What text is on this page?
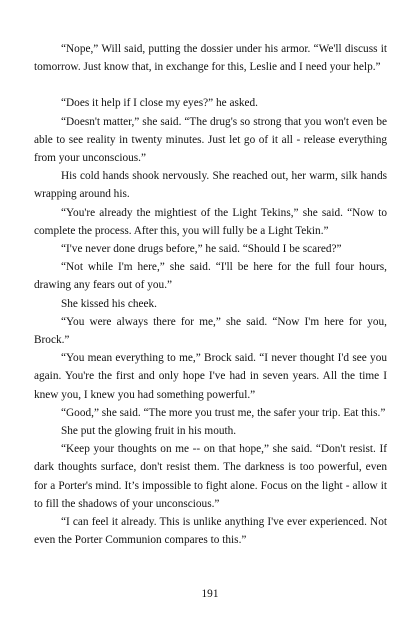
“Nope,” Will said, putting the dossier under his armor. “We'll discuss it tomorrow. Just know that, in exchange for this, Leslie and I need your help.”

“Does it help if I close my eyes?” he asked.

“Doesn't matter,” she said. “The drug's so strong that you won't even be able to see reality in twenty minutes. Just let go of it all - release everything from your unconscious.”

His cold hands shook nervously. She reached out, her warm, silk hands wrapping around his.

“You're already the mightiest of the Light Tekins,” she said. “Now to complete the process. After this, you will fully be a Light Tekin.”

“I've never done drugs before,” he said. “Should I be scared?”

“Not while I'm here,” she said. “I'll be here for the full four hours, drawing any fears out of you.”

She kissed his cheek.

“You were always there for me,” she said. “Now I'm here for you, Brock.”

“You mean everything to me,” Brock said. “I never thought I'd see you again. You're the first and only hope I've had in seven years. All the time I knew you, I knew you had something powerful.”

“Good,” she said. “The more you trust me, the safer your trip. Eat this.”

She put the glowing fruit in his mouth.

“Keep your thoughts on me -- on that hope,” she said. “Don't resist. If dark thoughts surface, don't resist them. The darkness is too powerful, even for a Porter's mind. It’s impossible to fight alone. Focus on the light - allow it to fill the shadows of your unconscious.”

“I can feel it already. This is unlike anything I've ever experienced. Not even the Porter Communion compares to this.”

191
